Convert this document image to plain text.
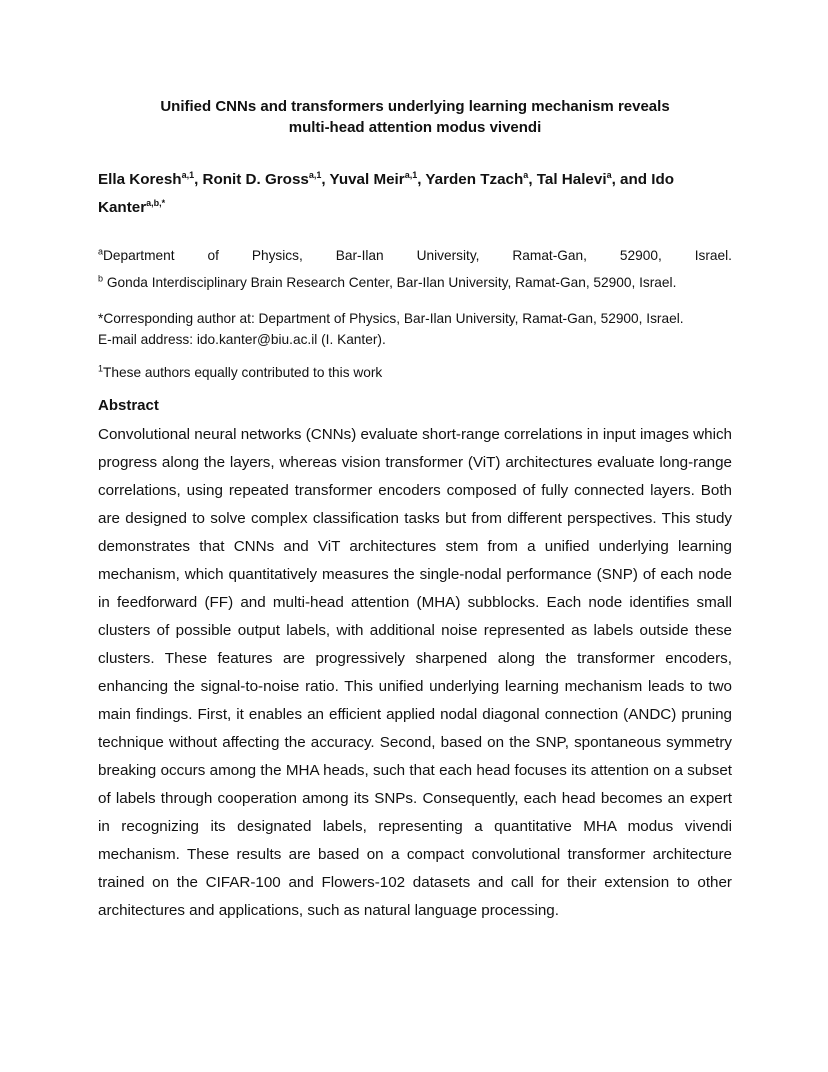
Unified CNNs and transformers underlying learning mechanism reveals
multi-head attention modus vivendi
Ella Koresh$^{a,1}$, Ronit D. Gross$^{a,1}$, Yuval Meir$^{a,1}$, Yarden Tzach$^a$, Tal Halevi$^a$, and Ido Kanter$^{a,b,*}$
$^a$Department of Physics, Bar-Ilan University, Ramat-Gan, 52900, Israel.
$^b$ Gonda Interdisciplinary Brain Research Center, Bar-Ilan University, Ramat-Gan, 52900, Israel.
*Corresponding author at: Department of Physics, Bar-Ilan University, Ramat-Gan, 52900, Israel.
E-mail address: ido.kanter@biu.ac.il (I. Kanter).
$^1$These authors equally contributed to this work
Abstract

Convolutional neural networks (CNNs) evaluate short-range correlations in input images which progress along the layers, whereas vision transformer (ViT) architectures evaluate long-range correlations, using repeated transformer encoders composed of fully connected layers. Both are designed to solve complex classification tasks but from different perspectives. This study demonstrates that CNNs and ViT architectures stem from a unified underlying learning mechanism, which quantitatively measures the single-nodal performance (SNP) of each node in feedforward (FF) and multi-head attention (MHA) subblocks. Each node identifies small clusters of possible output labels, with additional noise represented as labels outside these clusters. These features are progressively sharpened along the transformer encoders, enhancing the signal-to-noise ratio. This unified underlying learning mechanism leads to two main findings. First, it enables an efficient applied nodal diagonal connection (ANDC) pruning technique without affecting the accuracy. Second, based on the SNP, spontaneous symmetry breaking occurs among the MHA heads, such that each head focuses its attention on a subset of labels through cooperation among its SNPs. Consequently, each head becomes an expert in recognizing its designated labels, representing a quantitative MHA modus vivendi mechanism. These results are based on a compact convolutional transformer architecture trained on the CIFAR-100 and Flowers-102 datasets and call for their extension to other architectures and applications, such as natural language processing.
